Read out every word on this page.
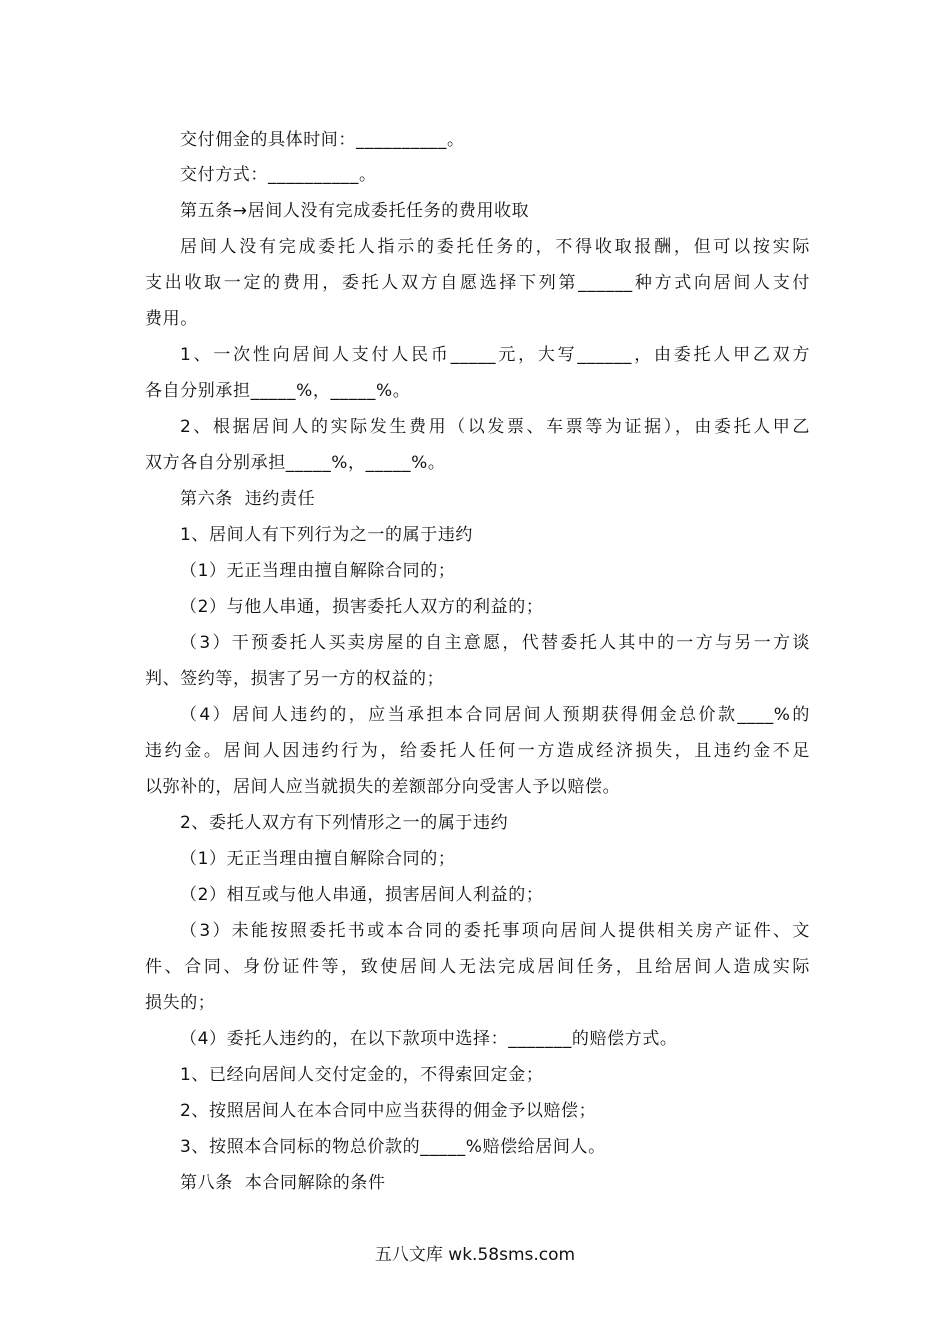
交付佣金的具体时间：__________。
交付方式：__________。
第五条→居间人没有完成委托任务的费用收取
居间人没有完成委托人指示的委托任务的，不得收取报酬，但可以按实际
支出收取一定的费用，委托人双方自愿选择下列第______种方式向居间人支付
费用。
1、一次性向居间人支付人民币_____元，大写______，由委托人甲乙双方
各自分别承担_____%，_____%。
2、根据居间人的实际发生费用（以发票、车票等为证据），由委托人甲乙
双方各自分别承担_____%，_____%。
第六条  违约责任
1、居间人有下列行为之一的属于违约
（1）无正当理由擅自解除合同的；
（2）与他人串通，损害委托人双方的利益的；
（3）干预委托人买卖房屋的自主意愿，代替委托人其中的一方与另一方谈
判、签约等，损害了另一方的权益的；
（4）居间人违约的，应当承担本合同居间人预期获得佣金总价款____%的
违约金。居间人因违约行为，给委托人任何一方造成经济损失，且违约金不足
以弥补的，居间人应当就损失的差额部分向受害人予以赔偿。
2、委托人双方有下列情形之一的属于违约
（1）无正当理由擅自解除合同的；
（2）相互或与他人串通，损害居间人利益的；
（3）未能按照委托书或本合同的委托事项向居间人提供相关房产证件、文
件、合同、身份证件等，致使居间人无法完成居间任务，且给居间人造成实际
损失的；
（4）委托人违约的，在以下款项中选择：_______的赔偿方式。
1、已经向居间人交付定金的，不得索回定金；
2、按照居间人在本合同中应当获得的佣金予以赔偿；
3、按照本合同标的物总价款的_____%赔偿给居间人。
第八条  本合同解除的条件
五八文库 wk.58sms.com
